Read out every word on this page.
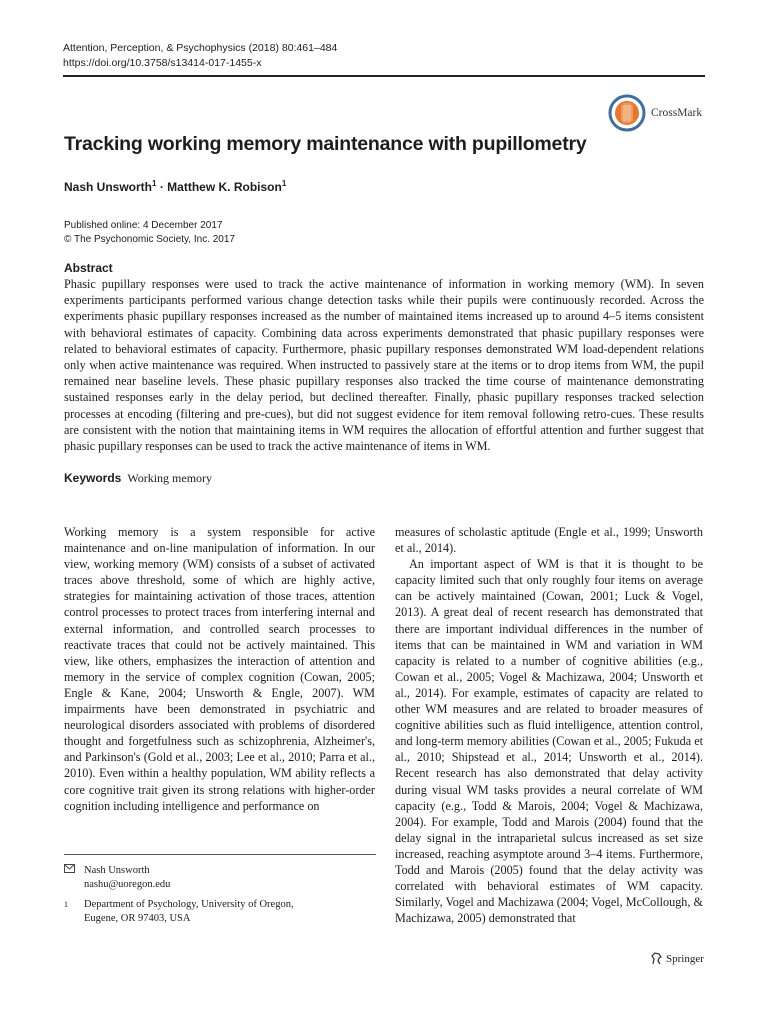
Attention, Perception, & Psychophysics (2018) 80:461–484
https://doi.org/10.3758/s13414-017-1455-x
CrossMark
Tracking working memory maintenance with pupillometry
Nash Unsworth$^1$ · Matthew K. Robison$^1$
Published online: 4 December 2017
© The Psychonomic Society, Inc. 2017
Abstract
Phasic pupillary responses were used to track the active maintenance of information in working memory (WM). In seven experiments participants performed various change detection tasks while their pupils were continuously recorded. Across the experiments phasic pupillary responses increased as the number of maintained items increased up to around 4–5 items consistent with behavioral estimates of capacity. Combining data across experiments demonstrated that phasic pupillary responses were related to behavioral estimates of capacity. Furthermore, phasic pupillary responses demonstrated WM load-dependent relations only when active maintenance was required. When instructed to passively stare at the items or to drop items from WM, the pupil remained near baseline levels. These phasic pupillary responses also tracked the time course of maintenance demonstrating sustained responses early in the delay period, but declined thereafter. Finally, phasic pupillary responses tracked selection processes at encoding (filtering and pre-cues), but did not suggest evidence for item removal following retro-cues. These results are consistent with the notion that maintaining items in WM requires the allocation of effortful attention and further suggest that phasic pupillary responses can be used to track the active maintenance of items in WM.
Keywords Working memory

Working memory is a system responsible for active maintenance and on-line manipulation of information. In our view, working memory (WM) consists of a subset of activated traces above threshold, some of which are highly active, strategies for maintaining activation of those traces, attention control processes to protect traces from interfering internal and external information, and controlled search processes to reactivate traces that could not be actively maintained. This view, like others, emphasizes the interaction of attention and memory in the service of complex cognition (Cowan, 2005; Engle & Kane, 2004; Unsworth & Engle, 2007). WM impairments have been demonstrated in psychiatric and neurological disorders associated with problems of disordered thought and forgetfulness such as schizophrenia, Alzheimer's, and Parkinson's (Gold et al., 2003; Lee et al., 2010; Parra et al., 2010). Even within a healthy population, WM ability reflects a core cognitive trait given its strong relations with higher-order cognition including intelligence and performance on

measures of scholastic aptitude (Engle et al., 1999; Unsworth et al., 2014).

An important aspect of WM is that it is thought to be capacity limited such that only roughly four items on average can be actively maintained (Cowan, 2001; Luck & Vogel, 2013). A great deal of recent research has demonstrated that there are important individual differences in the number of items that can be maintained in WM and variation in WM capacity is related to a number of cognitive abilities (e.g., Cowan et al., 2005; Vogel & Machizawa, 2004; Unsworth et al., 2014). For example, estimates of capacity are related to other WM measures and are related to broader measures of cognitive abilities such as fluid intelligence, attention control, and long-term memory abilities (Cowan et al., 2005; Fukuda et al., 2010; Shipstead et al., 2014; Unsworth et al., 2014). Recent research has also demonstrated that delay activity during visual WM tasks provides a neural correlate of WM capacity (e.g., Todd & Marois, 2004; Vogel & Machizawa, 2004). For example, Todd and Marois (2004) found that the delay signal in the intraparietal sulcus increased as set size increased, reaching asymptote around 3–4 items. Furthermore, Todd and Marois (2005) found that the delay activity was correlated with behavioral estimates of WM capacity. Similarly, Vogel and Machizawa (2004; Vogel, McCollough, & Machizawa, 2005) demonstrated that

Nash Unsworth
nashu@uoregon.edu
1	Department of Psychology, University of Oregon,
Eugene, OR 97403, USA
Springer
